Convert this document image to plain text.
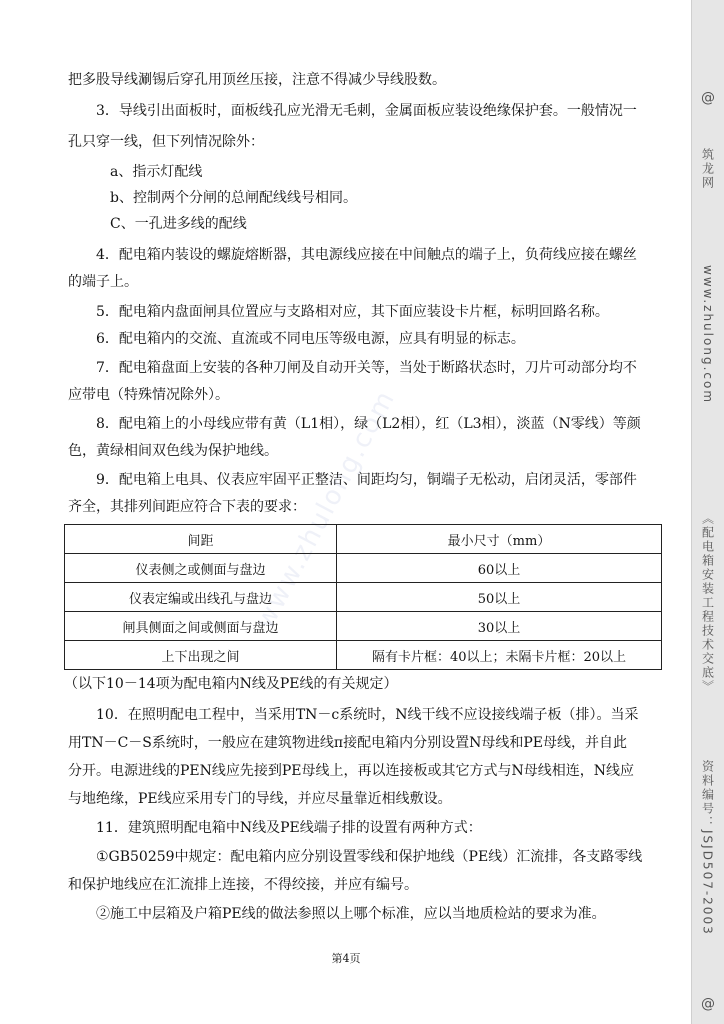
www.zhulong.com
把多股导线涮锡后穿孔用顶丝压接，注意不得减少导线股数。
3．导线引出面板时，面板线孔应光滑无毛刺，金属面板应装设绝缘保护套。一般情况一
孔只穿一线，但下列情况除外：
a、指示灯配线
b、控制两个分闸的总闸配线线号相同。
C、一孔进多线的配线
4．配电箱内装设的螺旋熔断器，其电源线应接在中间触点的端子上，负荷线应接在螺丝
的端子上。
5．配电箱内盘面闸具位置应与支路相对应，其下面应装设卡片框，标明回路名称。
6．配电箱内的交流、直流或不同电压等级电源，应具有明显的标志。
7．配电箱盘面上安装的各种刀闸及自动开关等，当处于断路状态时，刀片可动部分均不
应带电（特殊情况除外）。
8．配电箱上的小母线应带有黄（L1相），绿（L2相），红（L3相），淡蓝（N零线）等颜
色，黄绿相间双色线为保护地线。
9．配电箱上电具、仪表应牢固平正整洁、间距均匀，铜端子无松动，启闭灵活，零部件
齐全，其排列间距应符合下表的要求：
间距	最小尺寸（mm）
仪表侧之或侧面与盘边	60以上
仪表定编或出线孔与盘边	50以上
闸具侧面之间或侧面与盘边	30以上
上下出现之间	隔有卡片框：40以上；未隔卡片框：20以上
（以下10－14项为配电箱内N线及PE线的有关规定）
10．在照明配电工程中，当采用TN－c系统时，N线干线不应设接线端子板（排）。当采
用TN－C－S系统时，一般应在建筑物进线π接配电箱内分别设置N母线和PE母线，并自此
分开。电源进线的PEN线应先接到PE母线上，再以连接板或其它方式与N母线相连，N线应
与地绝缘，PE线应采用专门的导线，并应尽量靠近相线敷设。
11．建筑照明配电箱中N线及PE线端子排的设置有两种方式：
①GB50259中规定：配电箱内应分别设置零线和保护地线（PE线）汇流排，各支路零线
和保护地线应在汇流排上连接，不得绞接，并应有编号。
②施工中层箱及户箱PE线的做法参照以上哪个标准，应以当地质检站的要求为准。
第4页
@
筑龙网
www.zhulong.com
《配电箱安装工程技术交底》
资料编号：JSJD507-2003
@
